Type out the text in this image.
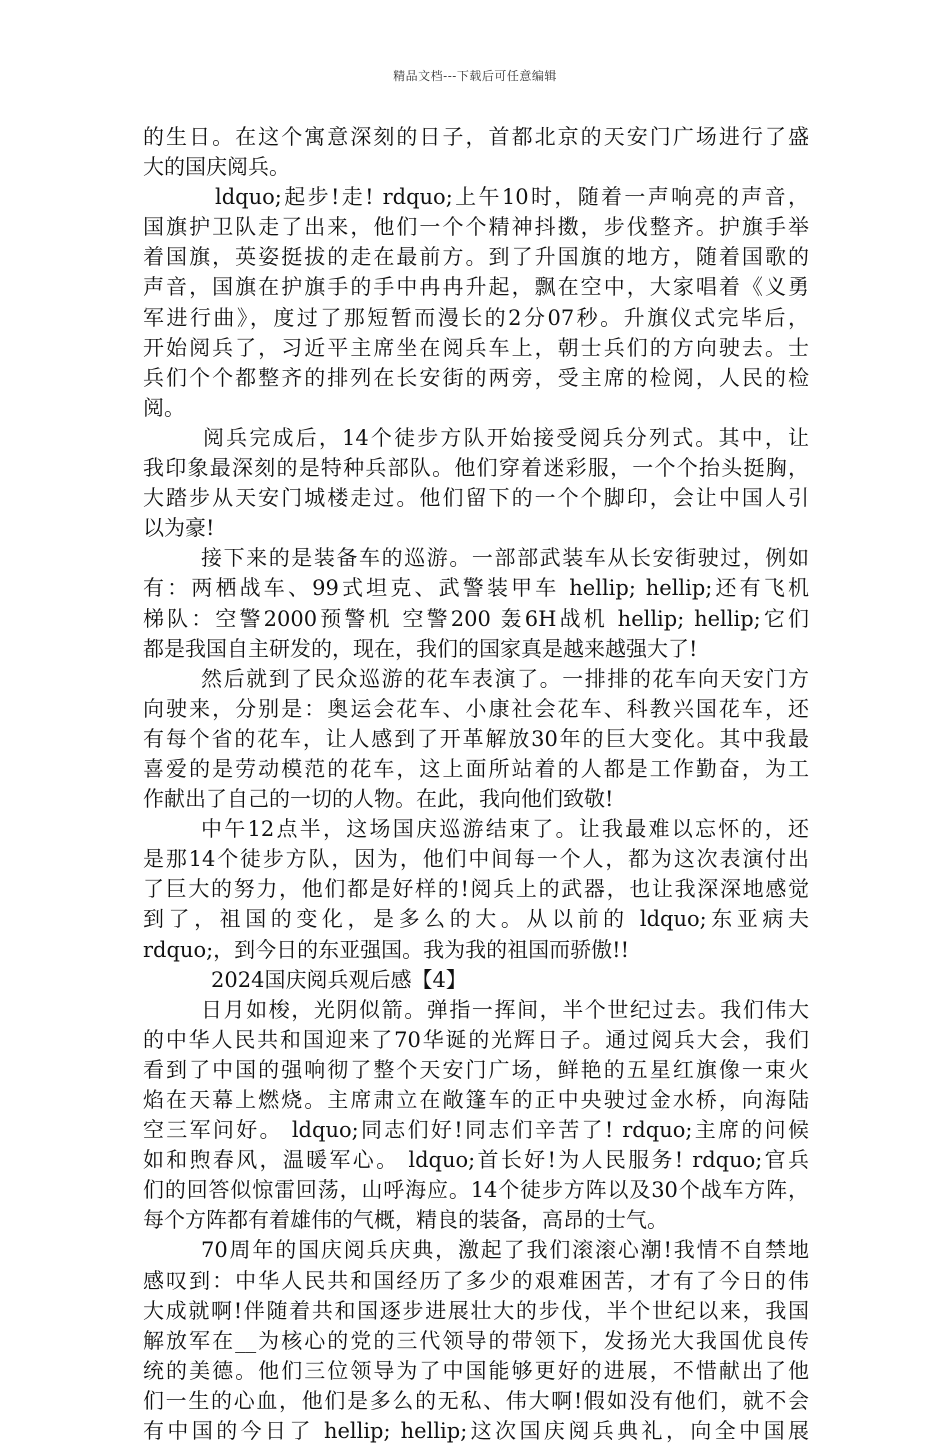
精品文档---下载后可任意编辑
的生日。在这个寓意深刻的日子，首都北京的天安门广场进行了盛
大的国庆阅兵。
ldquo;起步!走! rdquo;上午10时，随着一声响亮的声音，
国旗护卫队走了出来，他们一个个精神抖擞，步伐整齐。护旗手举
着国旗，英姿挺拔的走在最前方。到了升国旗的地方，随着国歌的
声音，国旗在护旗手的手中冉冉升起，飘在空中，大家唱着《义勇
军进行曲》，度过了那短暂而漫长的2分07秒。升旗仪式完毕后，
开始阅兵了，习近平主席坐在阅兵车上，朝士兵们的方向驶去。士
兵们个个都整齐的排列在长安街的两旁，受主席的检阅，人民的检
阅。
阅兵完成后，14个徒步方队开始接受阅兵分列式。其中，让
我印象最深刻的是特种兵部队。他们穿着迷彩服，一个个抬头挺胸，
大踏步从天安门城楼走过。他们留下的一个个脚印，会让中国人引
以为豪!
接下来的是装备车的巡游。一部部武装车从长安街驶过，例如
有：两栖战车、99式坦克、武警装甲车 hellip; hellip;还有飞机
梯队：空警2000预警机 空警200 轰6H战机 hellip; hellip;它们
都是我国自主研发的，现在，我们的国家真是越来越强大了!
然后就到了民众巡游的花车表演了。一排排的花车向天安门方
向驶来，分别是：奥运会花车、小康社会花车、科教兴国花车，还
有每个省的花车，让人感到了开革解放30年的巨大变化。其中我最
喜爱的是劳动模范的花车，这上面所站着的人都是工作勤奋，为工
作献出了自己的一切的人物。在此，我向他们致敬!
中午12点半，这场国庆巡游结束了。让我最难以忘怀的，还
是那14个徒步方队，因为，他们中间每一个人，都为这次表演付出
了巨大的努力，他们都是好样的!阅兵上的武器，也让我深深地感觉
到了，祖国的变化，是多么的大。从以前的 ldquo;东亚病夫
rdquo;，到今日的东亚强国。我为我的祖国而骄傲!!
2024国庆阅兵观后感【4】
日月如梭，光阴似箭。弹指一挥间，半个世纪过去。我们伟大
的中华人民共和国迎来了70华诞的光辉日子。通过阅兵大会，我们
看到了中国的强响彻了整个天安门广场，鲜艳的五星红旗像一束火
焰在天幕上燃烧。主席肃立在敞篷车的正中央驶过金水桥，向海陆
空三军问好。 ldquo;同志们好!同志们辛苦了! rdquo;主席的问候
如和煦春风，温暖军心。 ldquo;首长好!为人民服务! rdquo;官兵
们的回答似惊雷回荡，山呼海应。14个徒步方阵以及30个战车方阵，
每个方阵都有着雄伟的气概，精良的装备，高昂的士气。
70周年的国庆阅兵庆典，激起了我们滚滚心潮!我情不自禁地
感叹到：中华人民共和国经历了多少的艰难困苦，才有了今日的伟
大成就啊!伴随着共和国逐步进展壮大的步伐，半个世纪以来，我国
解放军在__为核心的党的三代领导的带领下，发扬光大我国优良传
统的美德。他们三位领导为了中国能够更好的进展，不惜献出了他
们一生的心血，他们是多么的无私、伟大啊!假如没有他们，就不会
有中国的今日了 hellip; hellip;这次国庆阅兵典礼，向全中国展
